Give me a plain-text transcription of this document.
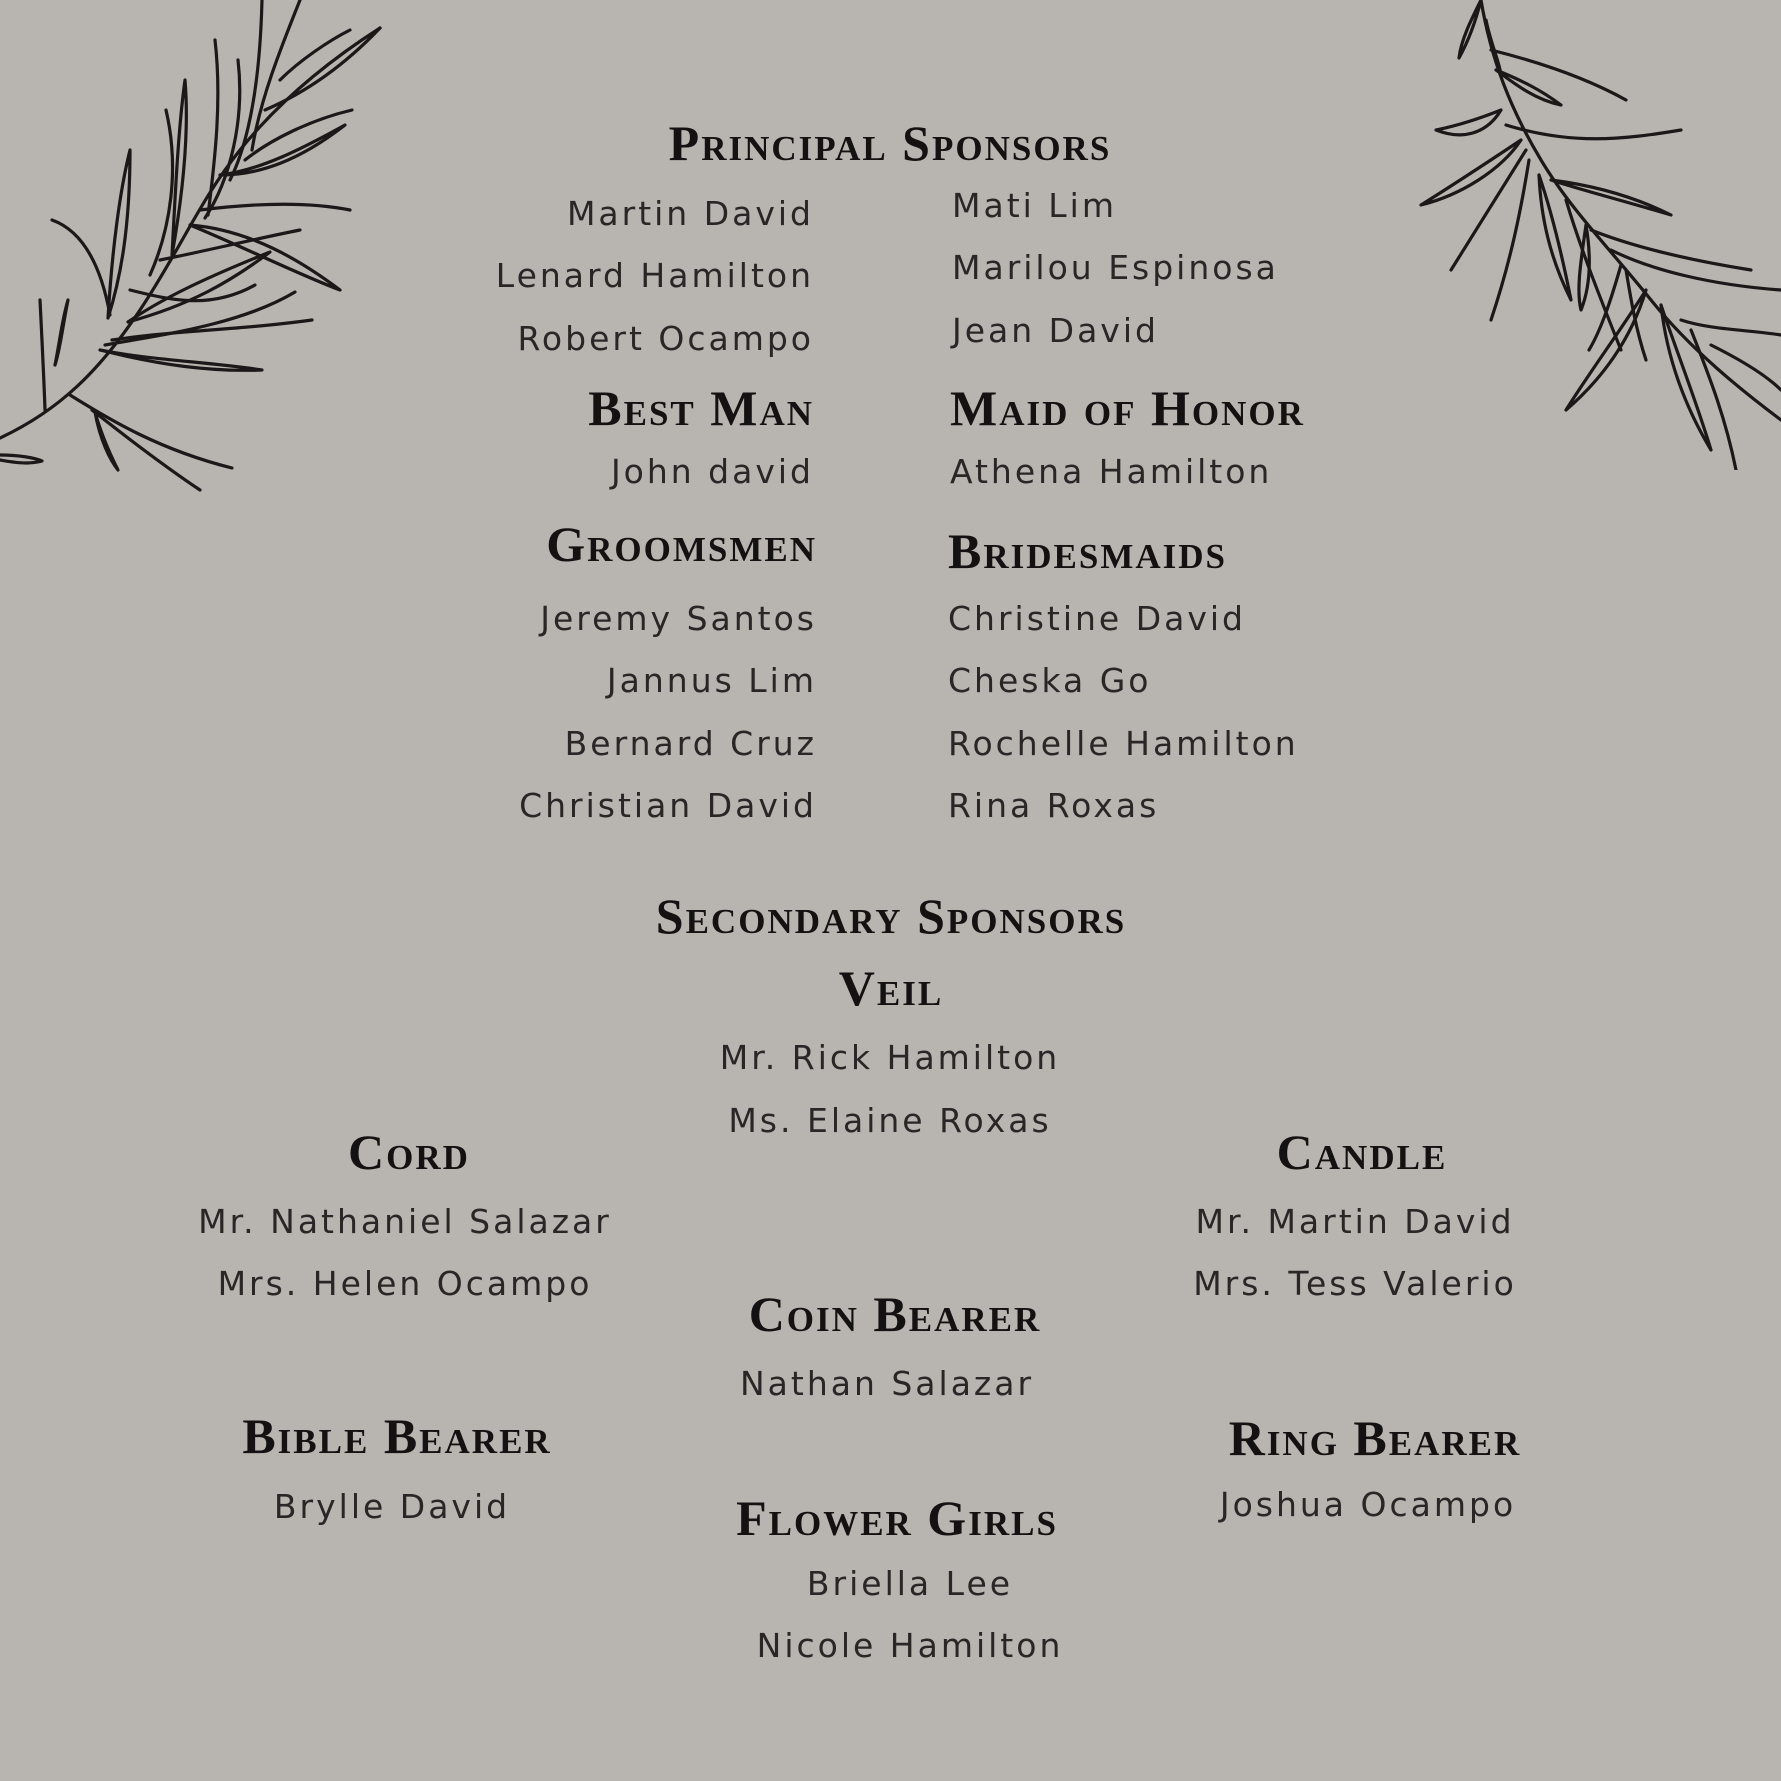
Principal Sponsors
Martin David
Lenard Hamilton
Robert Ocampo
Mati Lim
Marilou Espinosa
Jean David
Best Man
John david
Maid of Honor
Athena Hamilton
Groomsmen
Jeremy Santos
Jannus Lim
Bernard Cruz
Christian David
Bridesmaids
Christine David
Cheska Go
Rochelle Hamilton
Rina Roxas
Secondary Sponsors
Veil
Mr. Rick Hamilton
Ms. Elaine Roxas
Cord
Mr. Nathaniel Salazar
Mrs. Helen Ocampo
Candle
Mr. Martin David
Mrs. Tess Valerio
Coin Bearer
Nathan Salazar
Bible Bearer
Brylle David
Ring Bearer
Joshua Ocampo
Flower Girls
Briella Lee
Nicole Hamilton
